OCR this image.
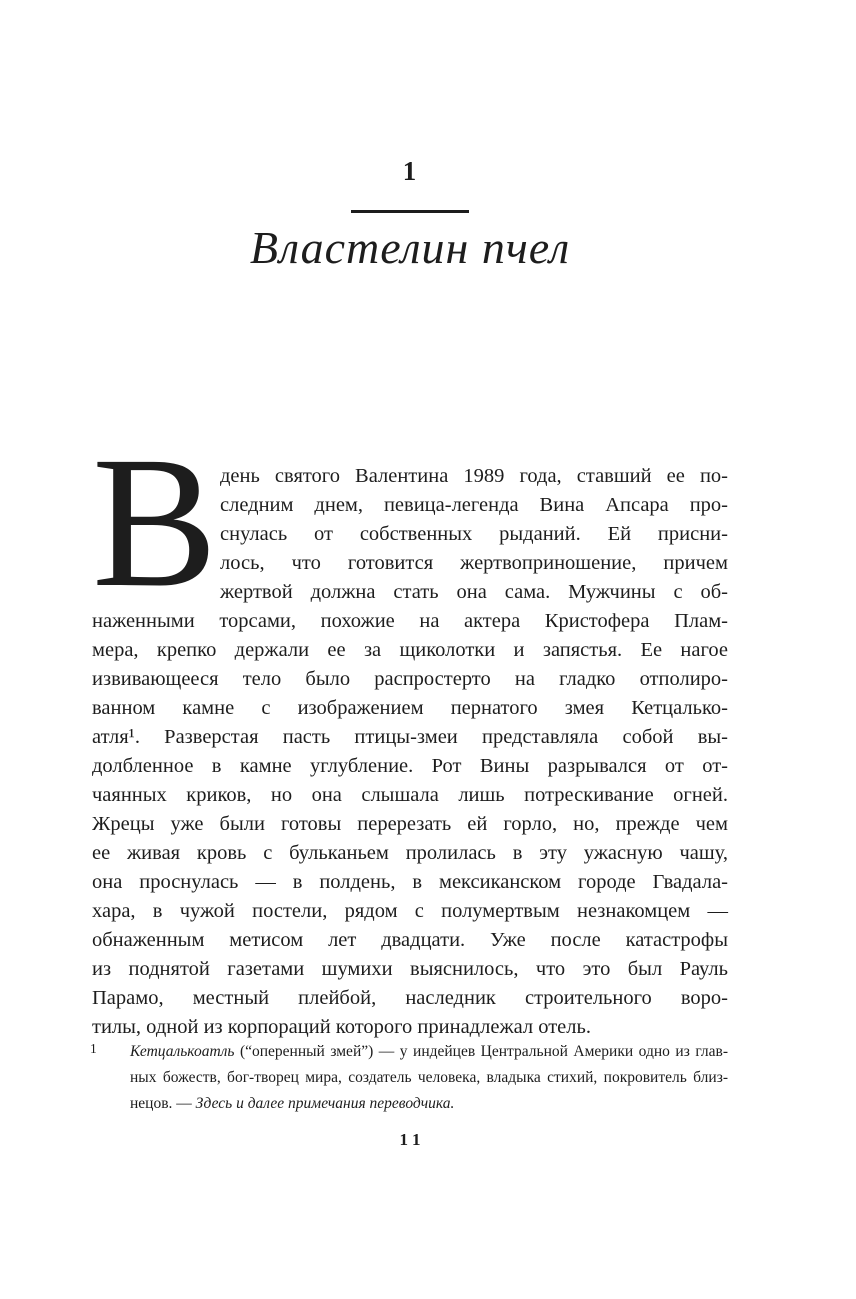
1
Властелин пчел
В день святого Валентина 1989 года, ставший ее по-
следним днем, певица-легенда Вина Апсара про-
снулась от собственных рыданий. Ей присни-
лось, что готовится жертвоприношение, причем
жертвой должна стать она сама. Мужчины с об-
наженными торсами, похожие на актера Кристофера Плам-
мера, крепко держали ее за щиколотки и запястья. Ее нагое
извивающееся тело было распростерто на гладко отполиро-
ванном камне с изображением пернатого змея Кетцалько-
атля¹. Разверстая пасть птицы-змеи представляла собой вы-
долбленное в камне углубление. Рот Вины разрывался от от-
чаянных криков, но она слышала лишь потрескивание огней.
Жрецы уже были готовы перерезать ей горло, но, прежде чем
ее живая кровь с бульканьем пролилась в эту ужасную чашу,
она проснулась — в полдень, в мексиканском городе Гвадала-
хара, в чужой постели, рядом с полумертвым незнакомцем —
обнаженным метисом лет двадцати. Уже после катастрофы
из поднятой газетами шумихи выяснилось, что это был Рауль
Парамо, местный плейбой, наследник строительного воро-
тилы, одной из корпораций которого принадлежал отель.
1	Кетцалькоатль (“оперенный змей”) — у индейцев Центральной Америки одно из глав-
ных божеств, бог-творец мира, создатель человека, владыка стихий, покровитель близ-
нецов. — Здесь и далее примечания переводчика.
11
